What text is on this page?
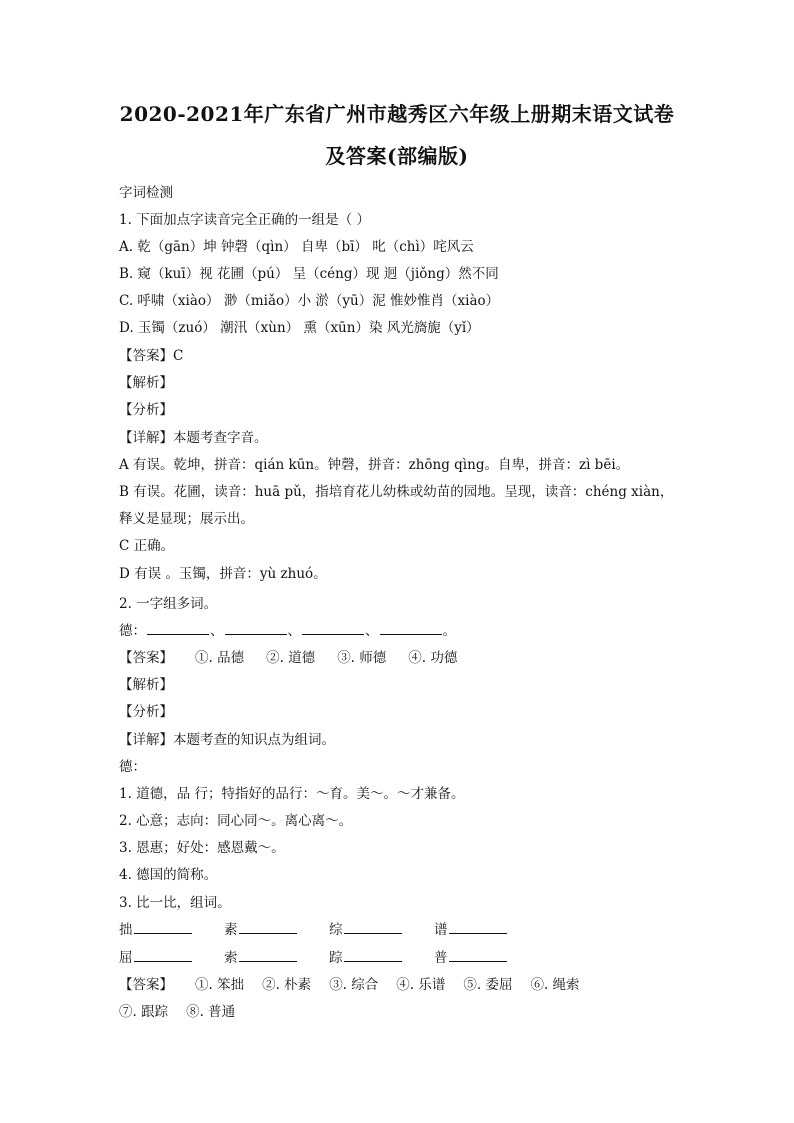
2020-2021年广东省广州市越秀区六年级上册期末语文试卷
及答案(部编版)
字词检测
1. 下面加点字读音完全正确的一组是（ ）
A. 乾（gān）坤 钟磬（qìn） 自卑（bī） 叱（chì）咤风云
B. 窥（kuī）视 花圃（pú） 呈（céng）现 迥（jiǒng）然不同
C. 呼啸（xiào） 渺（miǎo）小 淤（yū）泥 惟妙惟肖（xiào）
D. 玉镯（zuó） 潮汛（xùn） 熏（xūn）染 风光旖旎（yǐ）
【答案】C
【解析】
【分析】
【详解】本题考查字音。
A 有误。乾坤，拼音：qián kūn。钟磬，拼音：zhōng qìng。自卑，拼音：zì bēi。
B 有误。花圃，读音：huā pǔ，指培育花儿幼株或幼苗的园地。呈现，读音：chéng xiàn，
释义是显现；展示出。
C 正确。
D 有误 。玉镯，拼音：yù zhuó。
2. 一字组多词。
德：	、	、	、	。
【答案】 ①. 品德 ②. 道德 ③. 师德 ④. 功德
【解析】
【分析】
【详解】本题考查的知识点为组词。
德：
1. 道德，品 行；特指好的品行：～育。美～。～才兼备。
2. 心意；志向：同心同～。离心离～。
3. 恩惠；好处：感恩戴～。
4. 德国的简称。
3. 比一比，组词。
拙	素	综	谱
屈	索	踪	普
【答案】 ①. 笨拙 ②. 朴素 ③. 综合 ④. 乐谱 ⑤. 委屈 ⑥. 绳索
⑦. 跟踪 ⑧. 普通
